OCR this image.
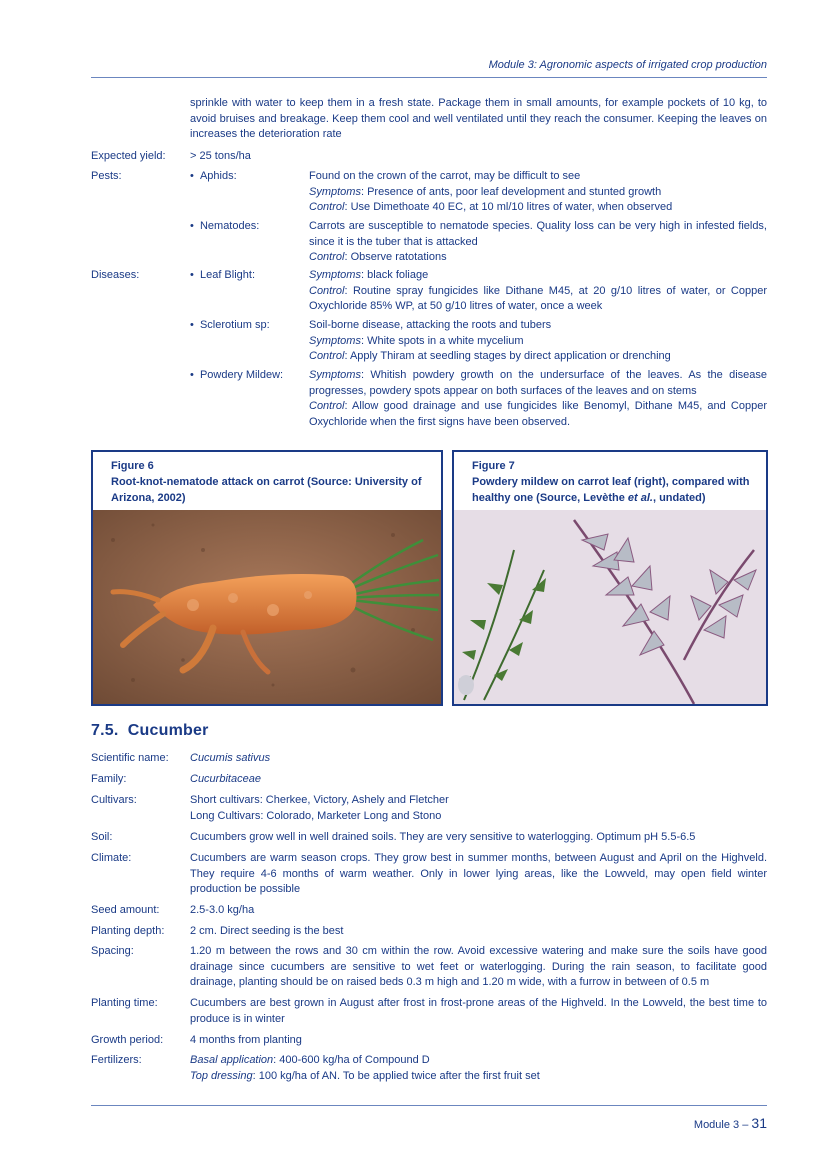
Module 3: Agronomic aspects of irrigated crop production
sprinkle with water to keep them in a fresh state. Package them in small amounts, for example pockets of 10 kg, to avoid bruises and breakage. Keep them cool and well ventilated until they reach the consumer. Keeping the leaves on increases the deterioration rate
Expected yield:	> 25 tons/ha
Pests:	•  Aphids:	Found on the crown of the carrot, may be difficult to see
Symptoms: Presence of ants, poor leaf development and stunted growth
Control: Use Dimethoate 40 EC, at 10 ml/10 litres of water, when observed
•  Nematodes:	Carrots are susceptible to nematode species. Quality loss can be very high in infested fields, since it is the tuber that is attacked
Control: Observe ratotations
Diseases:	•  Leaf Blight:	Symptoms: black foliage
Control: Routine spray fungicides like Dithane M45, at 20 g/10 litres of water, or Copper Oxychloride 85% WP, at 50 g/10 litres of water, once a week
•  Sclerotium sp:	Soil-borne disease, attacking the roots and tubers
Symptoms: White spots in a white mycelium
Control: Apply Thiram at seedling stages by direct application or drenching
•  Powdery Mildew:	Symptoms: Whitish powdery growth on the undersurface of the leaves. As the disease progresses, powdery spots appear on both surfaces of the leaves and on stems
Control: Allow good drainage and use fungicides like Benomyl, Dithane M45, and Copper Oxychloride when the first signs have been observed.
Figure 6
Root-knot-nematode attack on carrot (Source: University of Arizona, 2002)
Figure 7
Powdery mildew on carrot leaf (right), compared with healthy one (Source, Levèthe et al., undated)
7.5. Cucumber
Scientific name:	Cucumis sativus
Family:	Cucurbitaceae
Cultivars:	Short cultivars: Cherkee, Victory, Ashely and Fletcher
Long Cultivars: Colorado, Marketer Long and Stono
Soil:	Cucumbers grow well in well drained soils. They are very sensitive to waterlogging. Optimum pH 5.5-6.5
Climate:	Cucumbers are warm season crops. They grow best in summer months, between August and April on the Highveld. They require 4-6 months of warm weather. Only in lower lying areas, like the Lowveld, may open field winter production be possible
Seed amount:	2.5-3.0 kg/ha
Planting depth:	2 cm. Direct seeding is the best
Spacing:	1.20 m between the rows and 30 cm within the row. Avoid excessive watering and make sure the soils have good drainage since cucumbers are sensitive to wet feet or waterlogging. During the rain season, to facilitate good drainage, planting should be on raised beds 0.3 m high and 1.20 m wide, with a furrow in between of 0.5 m
Planting time:	Cucumbers are best grown in August after frost in frost-prone areas of the Highveld. In the Lowveld, the best time to produce is in winter
Growth period:	4 months from planting
Fertilizers:	Basal application: 400-600 kg/ha of Compound D
Top dressing: 100 kg/ha of AN. To be applied twice after the first fruit set
Module 3 – 31
